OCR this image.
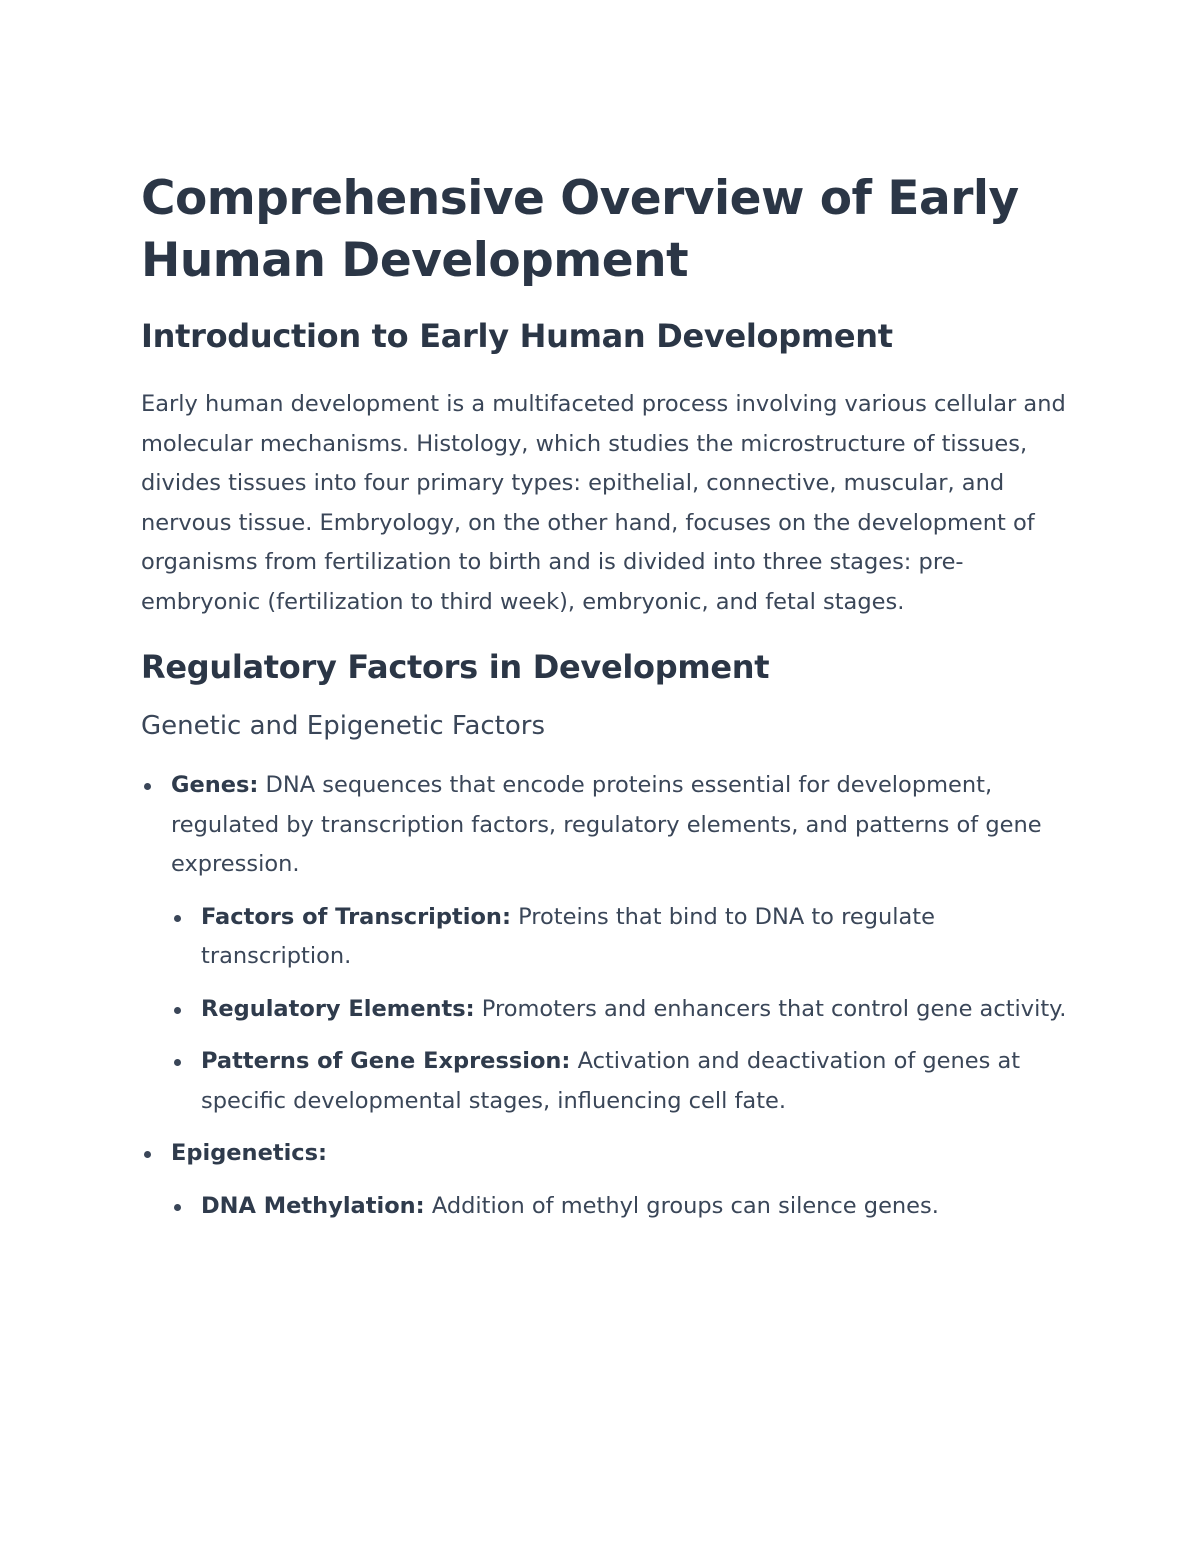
Comprehensive Overview of Early Human Development
Introduction to Early Human Development

Early human development is a multifaceted process involving various cellular and molecular mechanisms. Histology, which studies the microstructure of tissues, divides tissues into four primary types: epithelial, connective, muscular, and nervous tissue. Embryology, on the other hand, focuses on the development of organisms from fertilization to birth and is divided into three stages: pre-embryonic (fertilization to third week), embryonic, and fetal stages.

Regulatory Factors in Development
Genetic and Epigenetic Factors
Genes: DNA sequences that encode proteins essential for development, regulated by transcription factors, regulatory elements, and patterns of gene expression.
Factors of Transcription: Proteins that bind to DNA to regulate transcription.
Regulatory Elements: Promoters and enhancers that control gene activity.
Patterns of Gene Expression: Activation and deactivation of genes at specific developmental stages, influencing cell fate.
Epigenetics:
DNA Methylation: Addition of methyl groups can silence genes.
